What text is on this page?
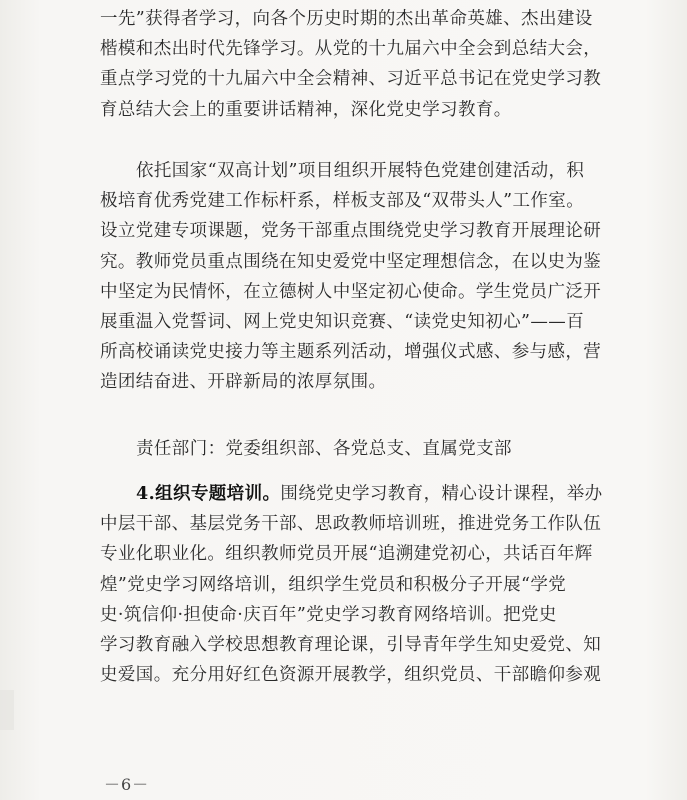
一先”获得者学习，向各个历史时期的杰出革命英雄、杰出建设
楷模和杰出时代先锋学习。从党的十九届六中全会到总结大会，
重点学习党的十九届六中全会精神、习近平总书记在党史学习教
育总结大会上的重要讲话精神，深化党史学习教育。
依托国家“双高计划”项目组织开展特色党建创建活动，积
极培育优秀党建工作标杆系，样板支部及“双带头人”工作室。
设立党建专项课题，党务干部重点围绕党史学习教育开展理论研
究。教师党员重点围绕在知史爱党中坚定理想信念，在以史为鉴
中坚定为民情怀，在立德树人中坚定初心使命。学生党员广泛开
展重温入党誓词、网上党史知识竞赛、“读党史知初心”——百
所高校诵读党史接力等主题系列活动，增强仪式感、参与感，营
造团结奋进、开辟新局的浓厚氛围。
责任部门：党委组织部、各党总支、直属党支部
4.组织专题培训。围绕党史学习教育，精心设计课程，举办
中层干部、基层党务干部、思政教师培训班，推进党务工作队伍
专业化职业化。组织教师党员开展“追溯建党初心，共话百年辉
煌”党史学习网络培训，组织学生党员和积极分子开展“学党
史·筑信仰·担使命·庆百年”党史学习教育网络培训。把党史
学习教育融入学校思想教育理论课，引导青年学生知史爱党、知
史爱国。充分用好红色资源开展教学，组织党员、干部瞻仰参观
－6－
